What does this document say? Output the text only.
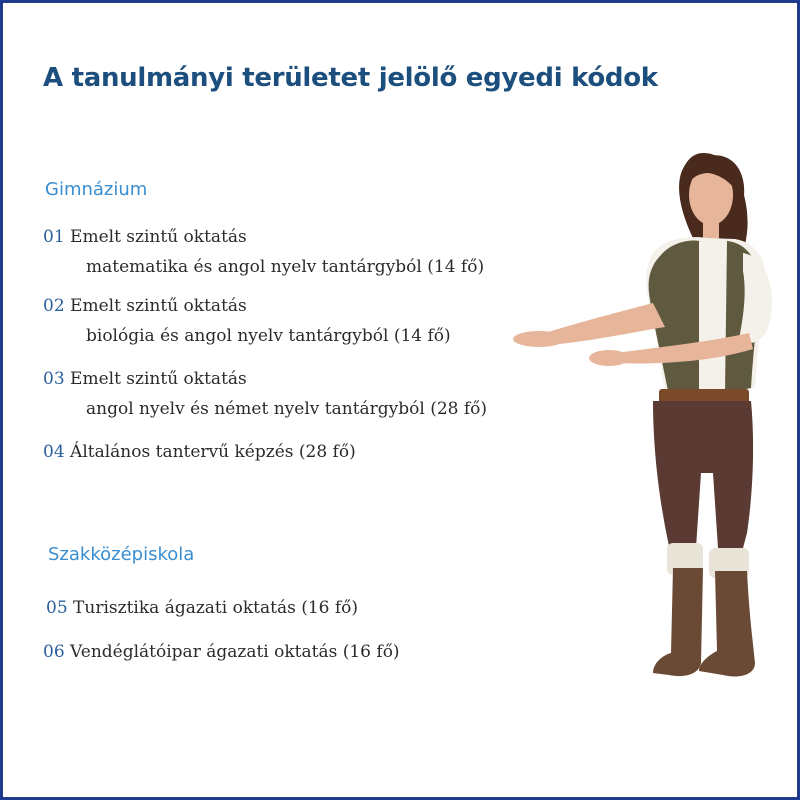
A tanulmányi területet jelölő egyedi kódok
Gimnázium
01 Emelt szintű oktatás
matematika és angol nyelv tantárgyból (14 fő)
02 Emelt szintű oktatás
biológia és angol nyelv tantárgyból (14 fő)
03 Emelt szintű oktatás
angol nyelv és német nyelv tantárgyból (28 fő)
04 Általános tantervű képzés (28 fő)
Szakközépiskola
05 Turisztika ágazati oktatás (16 fő)
06 Vendéglátóipar ágazati oktatás (16 fő)
